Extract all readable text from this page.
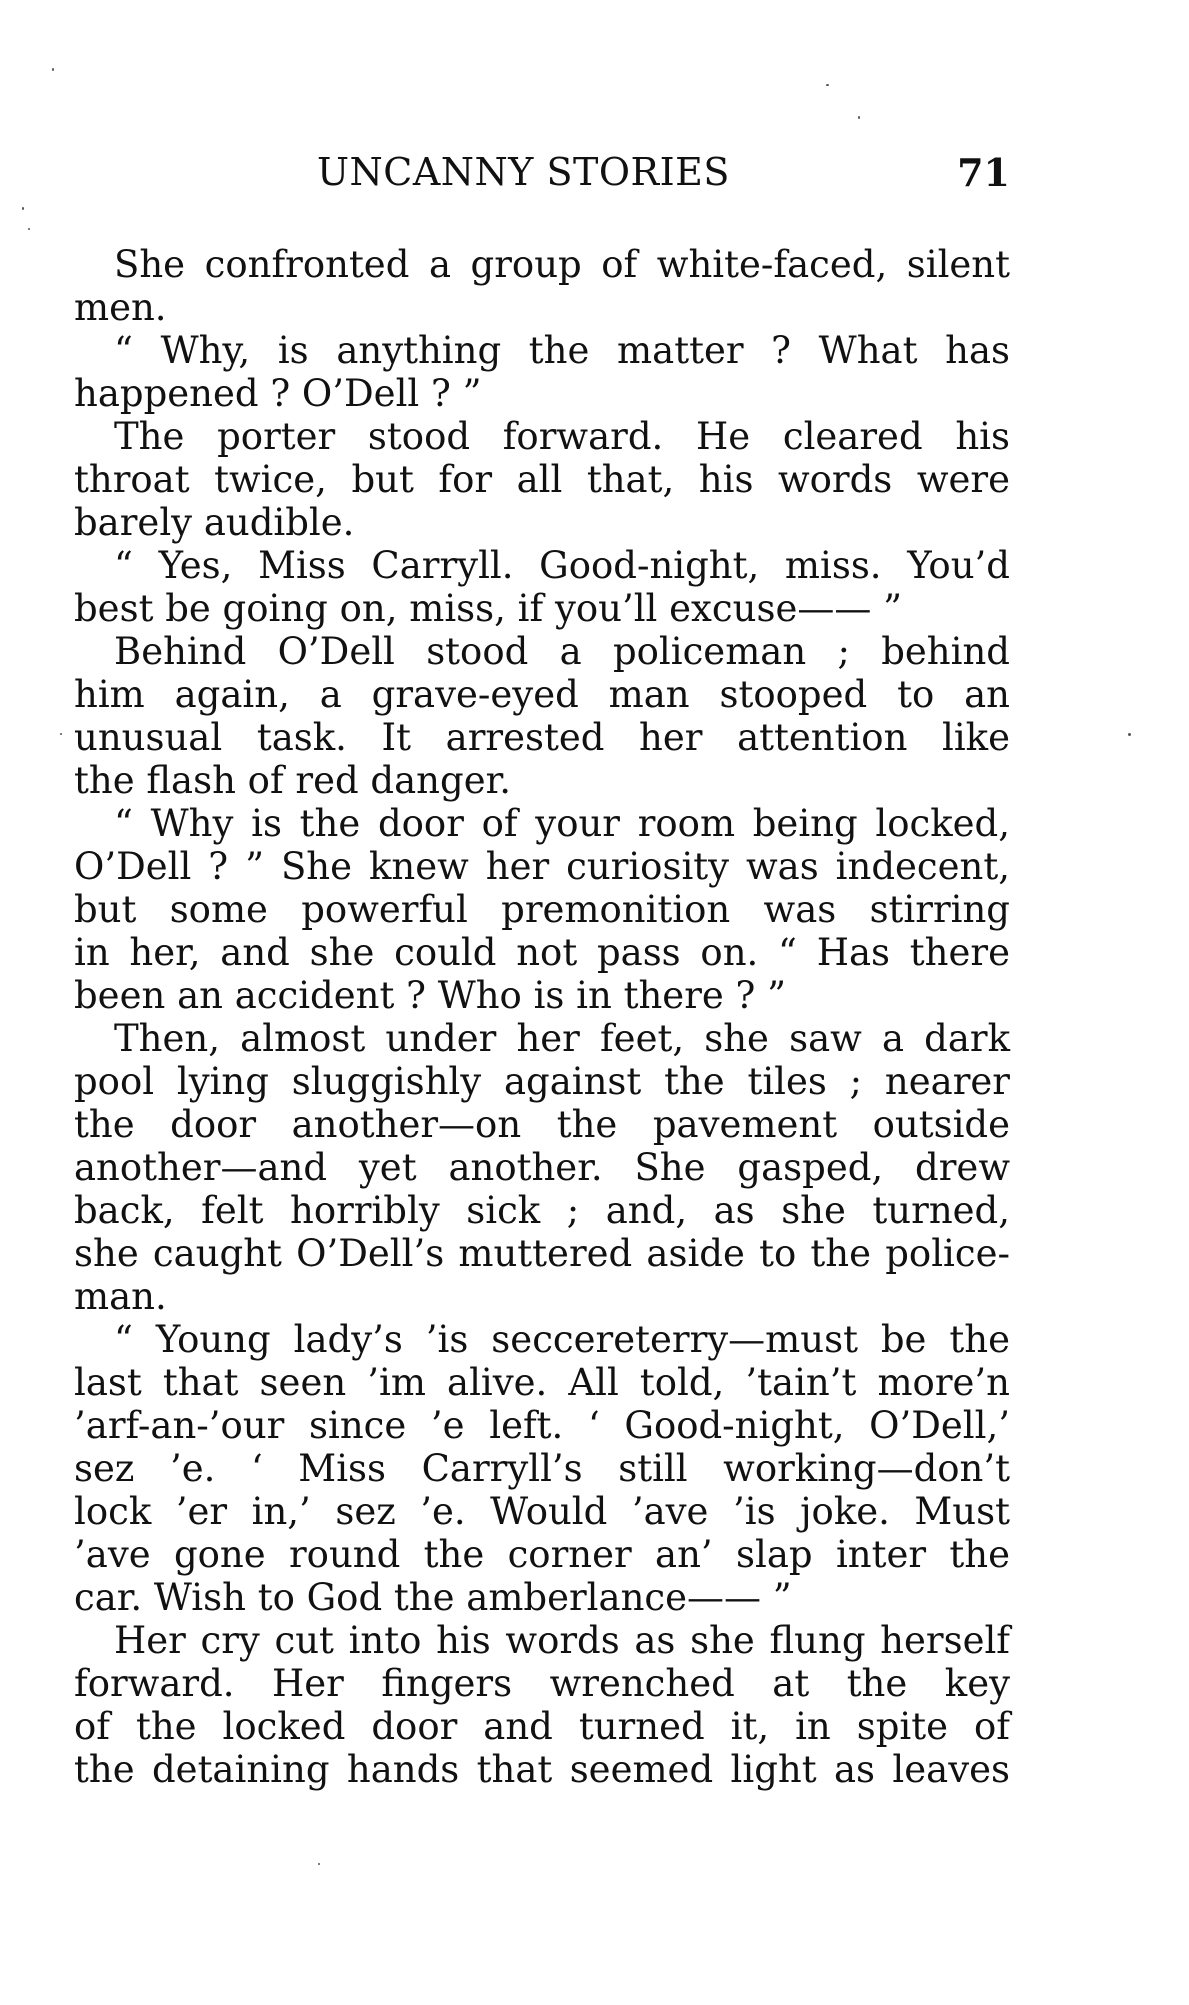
UNCANNY STORIES	71
She confronted a group of white-faced, silent
men.
“ Why, is anything the matter ? What has
happened ? O’Dell ? ”
The porter stood forward. He cleared his
throat twice, but for all that, his words were
barely audible.
“ Yes, Miss Carryll. Good-night, miss. You’d
best be going on, miss, if you’ll excuse—— ”
Behind O’Dell stood a policeman ; behind
him again, a grave-eyed man stooped to an
unusual task. It arrested her attention like
the flash of red danger.
“ Why is the door of your room being locked,
O’Dell ? ” She knew her curiosity was indecent,
but some powerful premonition was stirring
in her, and she could not pass on. “ Has there
been an accident ? Who is in there ? ”
Then, almost under her feet, she saw a dark
pool lying sluggishly against the tiles ; nearer
the door another—on the pavement outside
another—and yet another. She gasped, drew
back, felt horribly sick ; and, as she turned,
she caught O’Dell’s muttered aside to the police-
man.
“ Young lady’s ’is seccereterry—must be the
last that seen ’im alive. All told, ’tain’t more’n
’arf-an-’our since ’e left. ‘ Good-night, O’Dell,’
sez ’e. ‘ Miss Carryll’s still working—don’t
lock ’er in,’ sez ’e. Would ’ave ’is joke. Must
’ave gone round the corner an’ slap inter the
car. Wish to God the amberlance—— ”
Her cry cut into his words as she flung herself
forward. Her fingers wrenched at the key
of the locked door and turned it, in spite of
the detaining hands that seemed light as leaves
